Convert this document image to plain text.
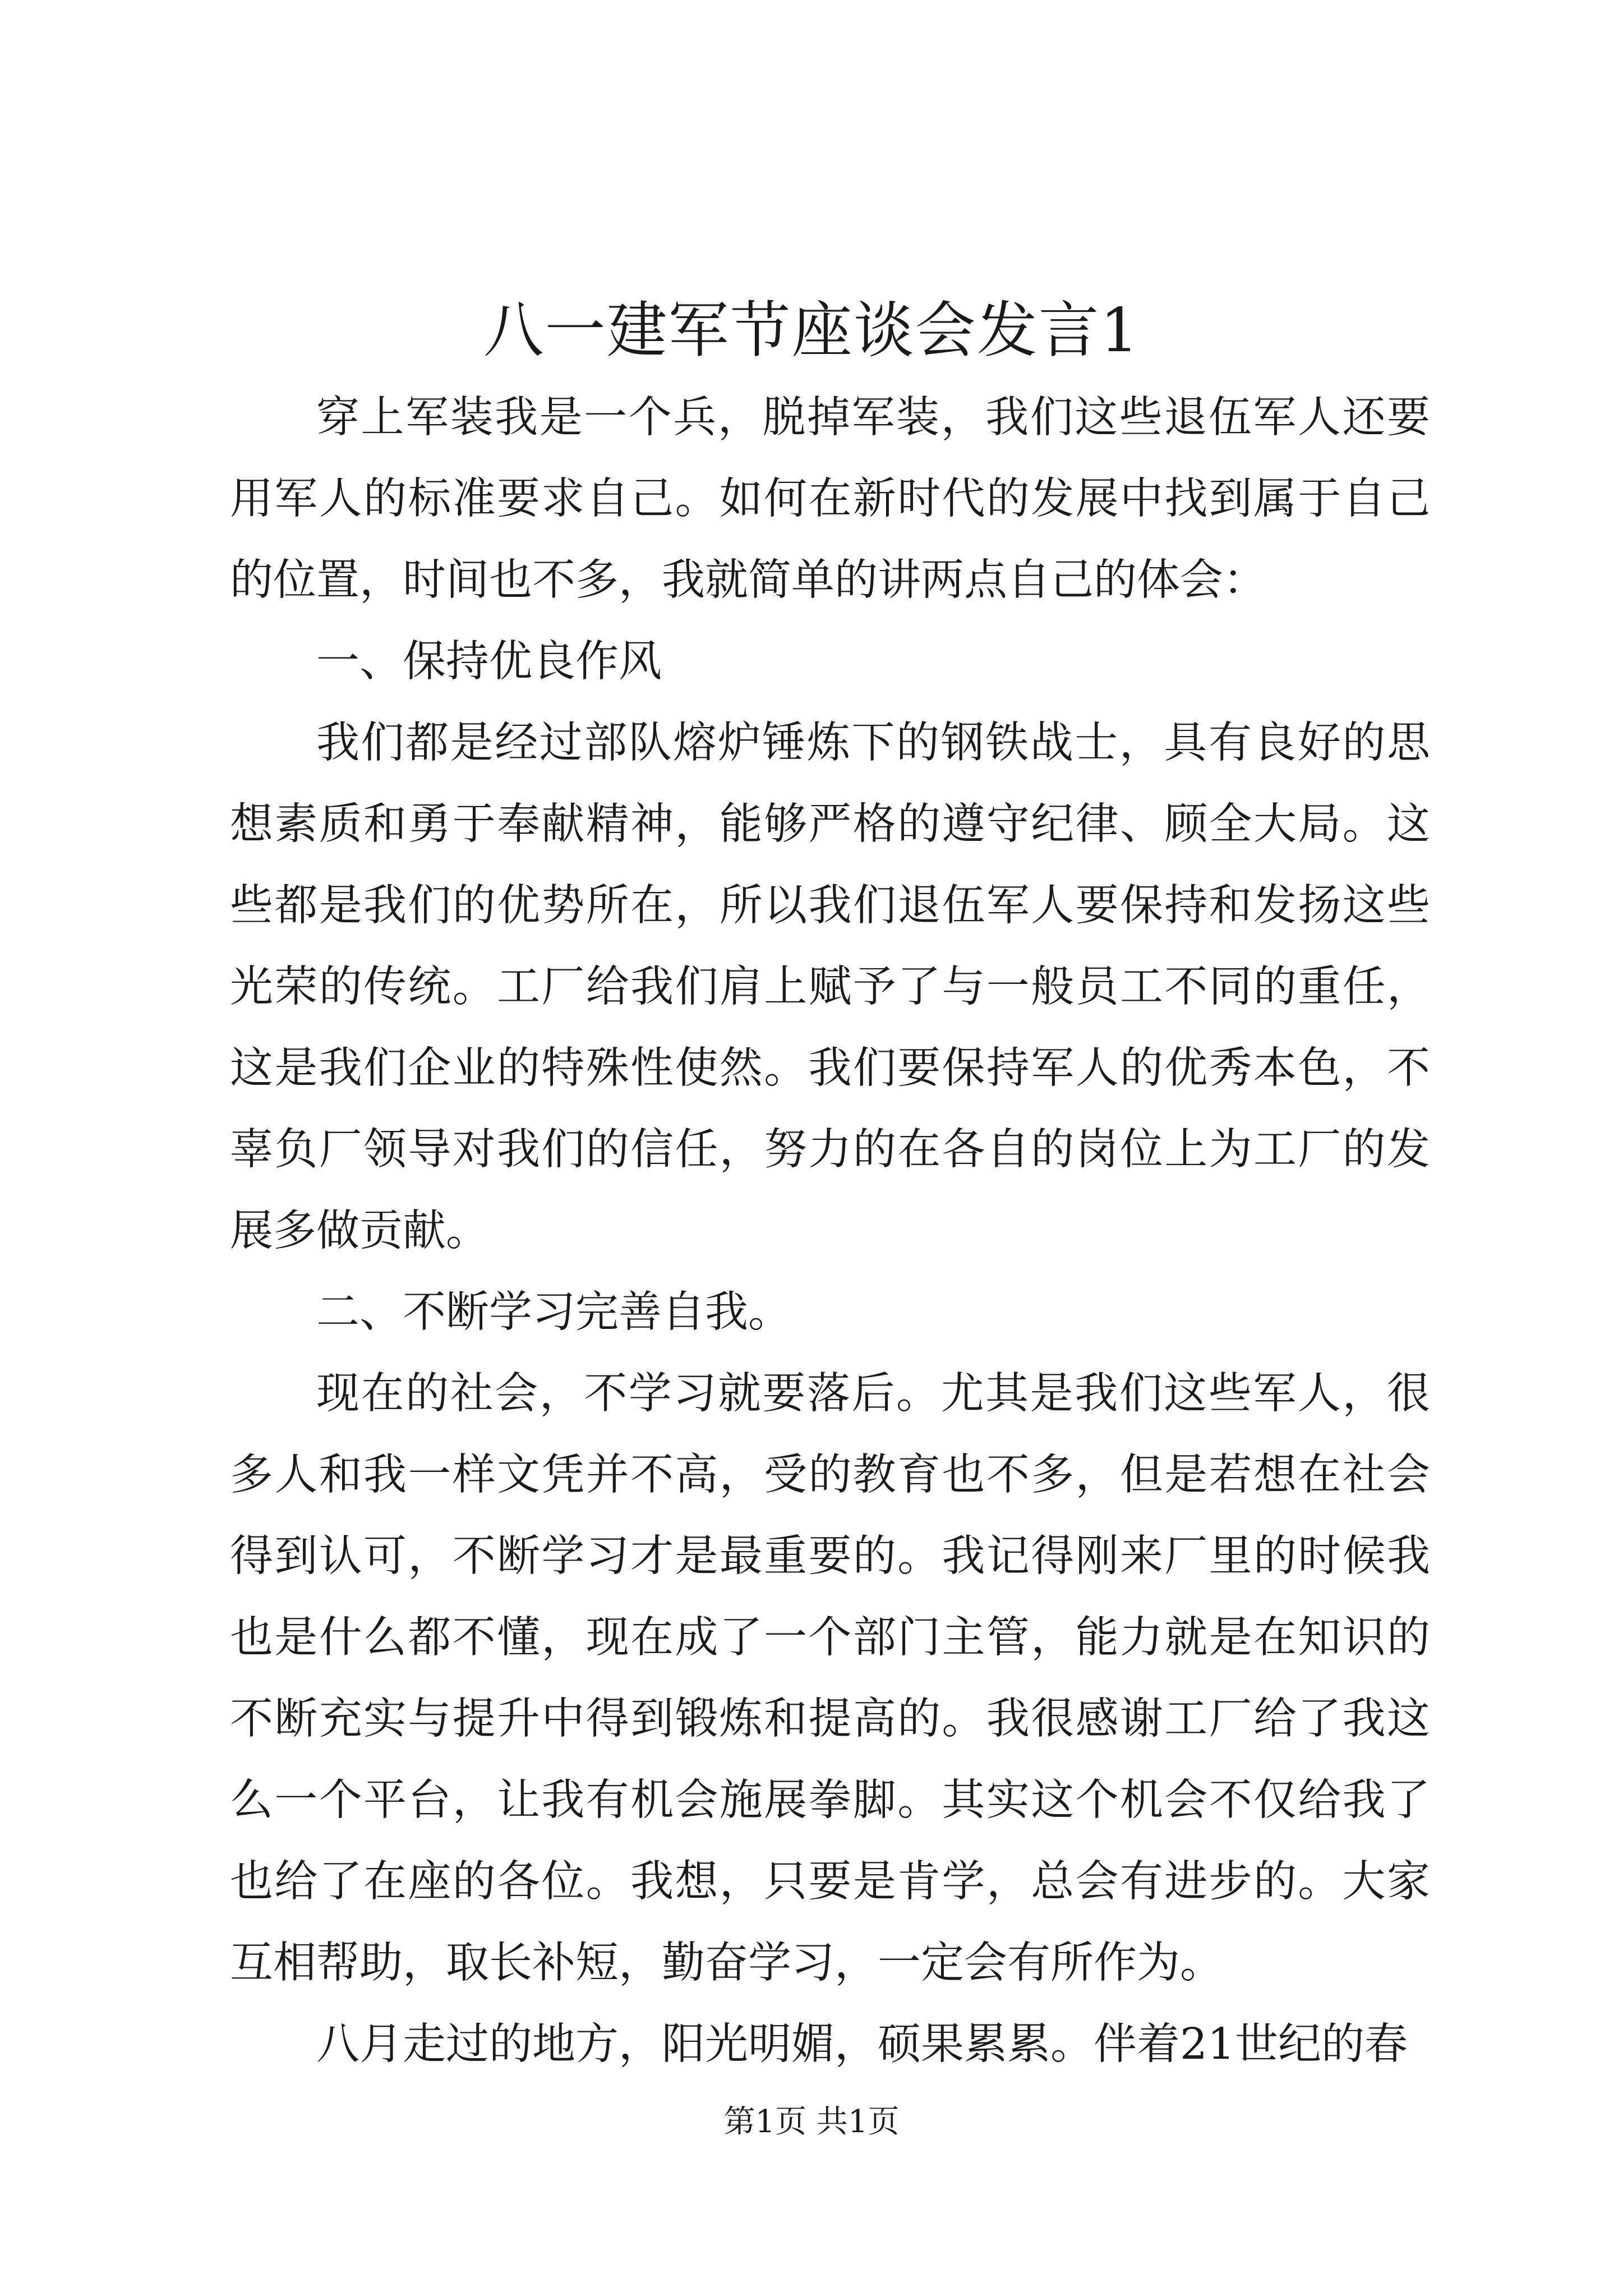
八一建军节座谈会发言1

穿上军装我是一个兵，脱掉军装，我们这些退伍军人还要用军人的标准要求自己。如何在新时代的发展中找到属于自己的位置，时间也不多，我就简单的讲两点自己的体会：

一、保持优良作风

我们都是经过部队熔炉锤炼下的钢铁战士，具有良好的思想素质和勇于奉献精神，能够严格的遵守纪律、顾全大局。这些都是我们的优势所在，所以我们退伍军人要保持和发扬这些光荣的传统。工厂给我们肩上赋予了与一般员工不同的重任，这是我们企业的特殊性使然。我们要保持军人的优秀本色，不辜负厂领导对我们的信任，努力的在各自的岗位上为工厂的发展多做贡献。

二、不断学习完善自我。

现在的社会，不学习就要落后。尤其是我们这些军人，很多人和我一样文凭并不高，受的教育也不多，但是若想在社会得到认可，不断学习才是最重要的。我记得刚来厂里的时候我也是什么都不懂，现在成了一个部门主管，能力就是在知识的不断充实与提升中得到锻炼和提高的。我很感谢工厂给了我这么一个平台，让我有机会施展拳脚。其实这个机会不仅给我了也给了在座的各位。我想，只要是肯学，总会有进步的。大家互相帮助，取长补短，勤奋学习，一定会有所作为。

八月走过的地方，阳光明媚，硕果累累。伴着21世纪的春

第1页 共1页
